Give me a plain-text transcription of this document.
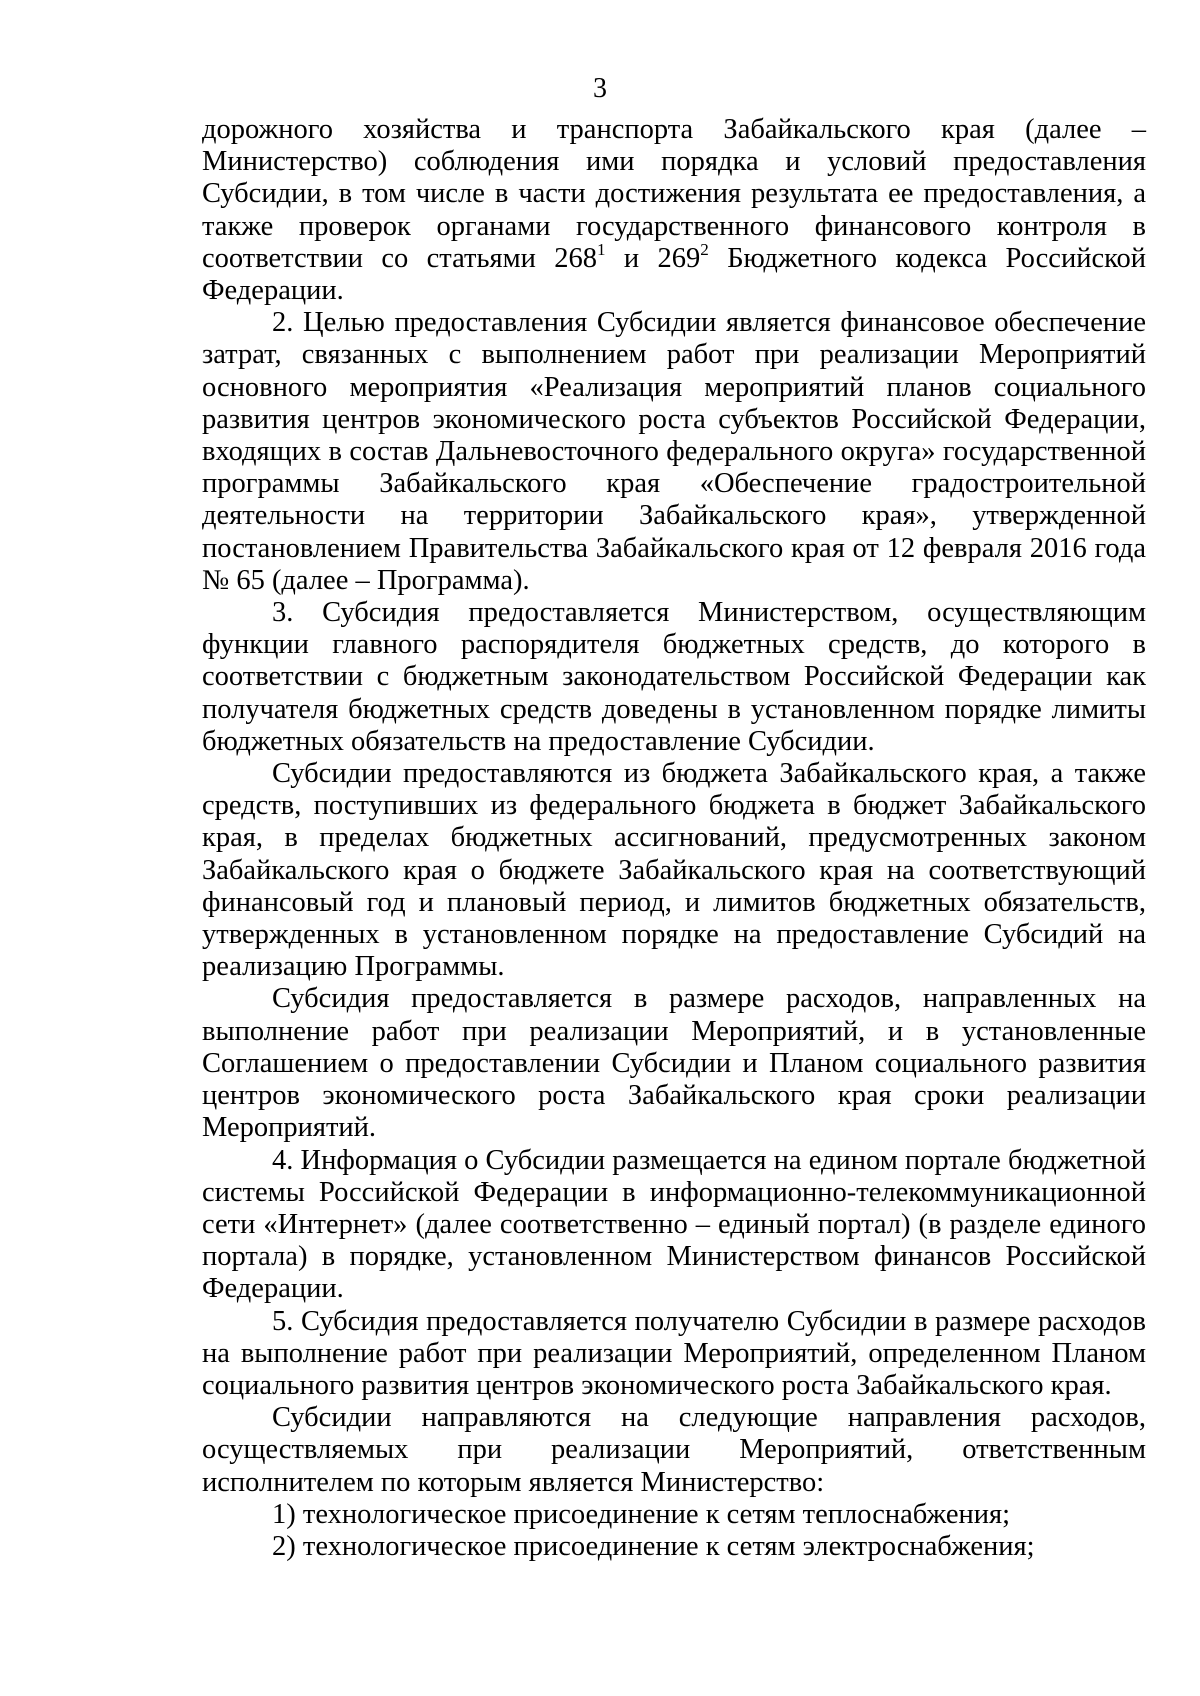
3

дорожного хозяйства и транспорта Забайкальского края (далее – Министерство) соблюдения ими порядка и условий предоставления Субсидии, в том числе в части достижения результата ее предоставления, а также проверок органами государственного финансового контроля в соответствии со статьями $268^1$ и $269^2$ Бюджетного кодекса Российской Федерации.

2. Целью предоставления Субсидии является финансовое обеспечение затрат, связанных с выполнением работ при реализации Мероприятий основного мероприятия «Реализация мероприятий планов социального развития центров экономического роста субъектов Российской Федерации, входящих в состав Дальневосточного федерального округа» государственной программы Забайкальского края «Обеспечение градостроительной деятельности на территории Забайкальского края», утвержденной постановлением Правительства Забайкальского края от 12 февраля 2016 года № 65 (далее – Программа).

3. Субсидия предоставляется Министерством, осуществляющим функции главного распорядителя бюджетных средств, до которого в соответствии с бюджетным законодательством Российской Федерации как получателя бюджетных средств доведены в установленном порядке лимиты бюджетных обязательств на предоставление Субсидии.

Субсидии предоставляются из бюджета Забайкальского края, а также средств, поступивших из федерального бюджета в бюджет Забайкальского края, в пределах бюджетных ассигнований, предусмотренных законом Забайкальского края о бюджете Забайкальского края на соответствующий финансовый год и плановый период, и лимитов бюджетных обязательств, утвержденных в установленном порядке на предоставление Субсидий на реализацию Программы.

Субсидия предоставляется в размере расходов, направленных на выполнение работ при реализации Мероприятий, и в установленные Соглашением о предоставлении Субсидии и Планом социального развития центров экономического роста Забайкальского края сроки реализации Мероприятий.

4. Информация о Субсидии размещается на едином портале бюджетной системы Российской Федерации в информационно-телекоммуникационной сети «Интернет» (далее соответственно – единый портал) (в разделе единого портала) в порядке, установленном Министерством финансов Российской Федерации.

5. Субсидия предоставляется получателю Субсидии в размере расходов на выполнение работ при реализации Мероприятий, определенном Планом социального развития центров экономического роста Забайкальского края.

Субсидии направляются на следующие направления расходов, осуществляемых при реализации Мероприятий, ответственным исполнителем по которым является Министерство:

1) технологическое присоединение к сетям теплоснабжения;

2) технологическое присоединение к сетям электроснабжения;
